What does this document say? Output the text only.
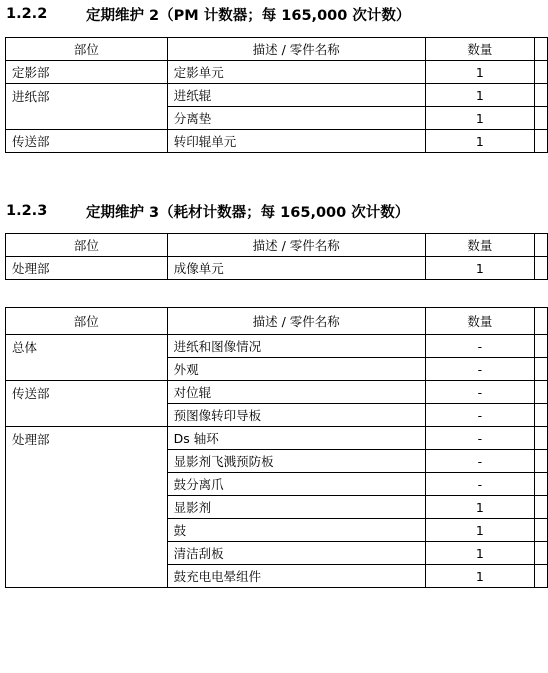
1.2.2	定期维护 2（PM 计数器；每 165,000 次计数）
部位	描述 / 零件名称	数量	
定影部	定影单元	1	
进纸部	进纸辊	1	
	分离垫	1	
传送部	转印辊单元	1	
1.2.3	定期维护 3（耗材计数器；每 165,000 次计数）
部位	描述 / 零件名称	数量	
处理部	成像单元	1	
部位	描述 / 零件名称	数量	
总体	进纸和图像情况	-	
	外观	-	
传送部	对位辊	-	
	预图像转印导板	-	
处理部	Ds 轴环	-	
	显影剂飞溅预防板	-	
	鼓分离爪	-	
	显影剂	1	
	鼓	1	
	清洁刮板	1	
	鼓充电电晕组件	1	
